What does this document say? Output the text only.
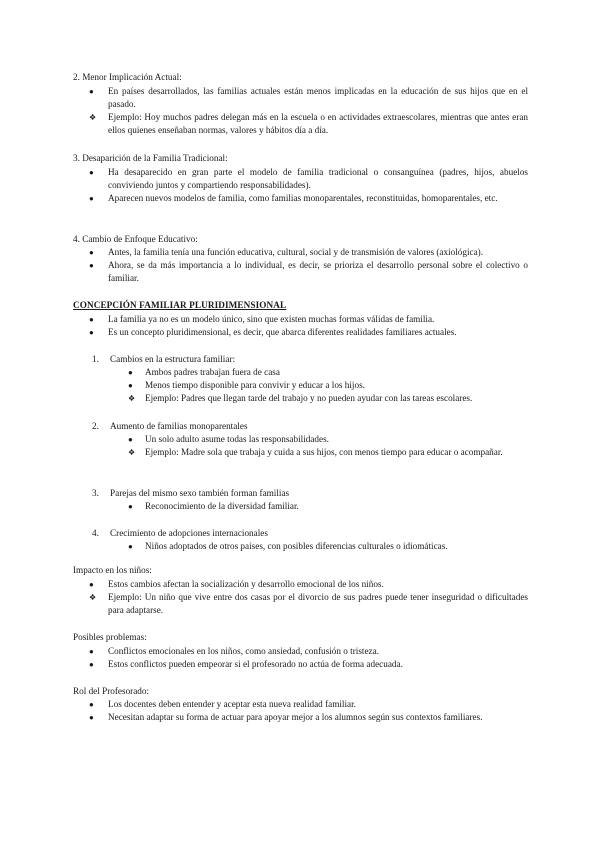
2. Menor Implicación Actual:
● En países desarrollados, las familias actuales están menos implicadas en la educación de sus hijos que en el pasado.
❖ Ejemplo: Hoy muchos padres delegan más en la escuela o en actividades extraescolares, mientras que antes eran ellos quienes enseñaban normas, valores y hábitos día a día.
3. Desaparición de la Familia Tradicional:
● Ha desaparecido en gran parte el modelo de familia tradicional o consanguínea (padres, hijos, abuelos conviviendo juntos y compartiendo responsabilidades).
● Aparecen nuevos modelos de familia, como familias monoparentales, reconstituidas, homoparentales, etc.
4. Cambio de Enfoque Educativo:
● Antes, la familia tenía una función educativa, cultural, social y de transmisión de valores (axiológica).
● Ahora, se da más importancia a lo individual, es decir, se prioriza el desarrollo personal sobre el colectivo o familiar.
CONCEPCIÓN FAMILIAR PLURIDIMENSIONAL
● La familia ya no es un modelo único, sino que existen muchas formas válidas de familia.
● Es un concepto pluridimensional, es decir, que abarca diferentes realidades familiares actuales.
1. Cambios en la estructura familiar:
● Ambos padres trabajan fuera de casa
● Menos tiempo disponible para convivir y educar a los hijos.
❖ Ejemplo: Padres que llegan tarde del trabajo y no pueden ayudar con las tareas escolares.
2. Aumento de familias monoparentales
● Un solo adulto asume todas las responsabilidades.
❖ Ejemplo: Madre sola que trabaja y cuida a sus hijos, con menos tiempo para educar o acompañar.
3. Parejas del mismo sexo también forman familias
● Reconocimiento de la diversidad familiar.
4. Crecimiento de adopciones internacionales
● Niños adoptados de otros países, con posibles diferencias culturales o idiomáticas.
Impacto en los niños:
● Estos cambios afectan la socialización y desarrollo emocional de los niños.
❖ Ejemplo: Un niño que vive entre dos casas por el divorcio de sus padres puede tener inseguridad o dificultades para adaptarse.
Posibles problemas:
● Conflictos emocionales en los niños, como ansiedad, confusión o tristeza.
● Estos conflictos pueden empeorar si el profesorado no actúa de forma adecuada.
Rol del Profesorado:
● Los docentes deben entender y aceptar esta nueva realidad familiar.
● Necesitan adaptar su forma de actuar para apoyar mejor a los alumnos según sus contextos familiares.
